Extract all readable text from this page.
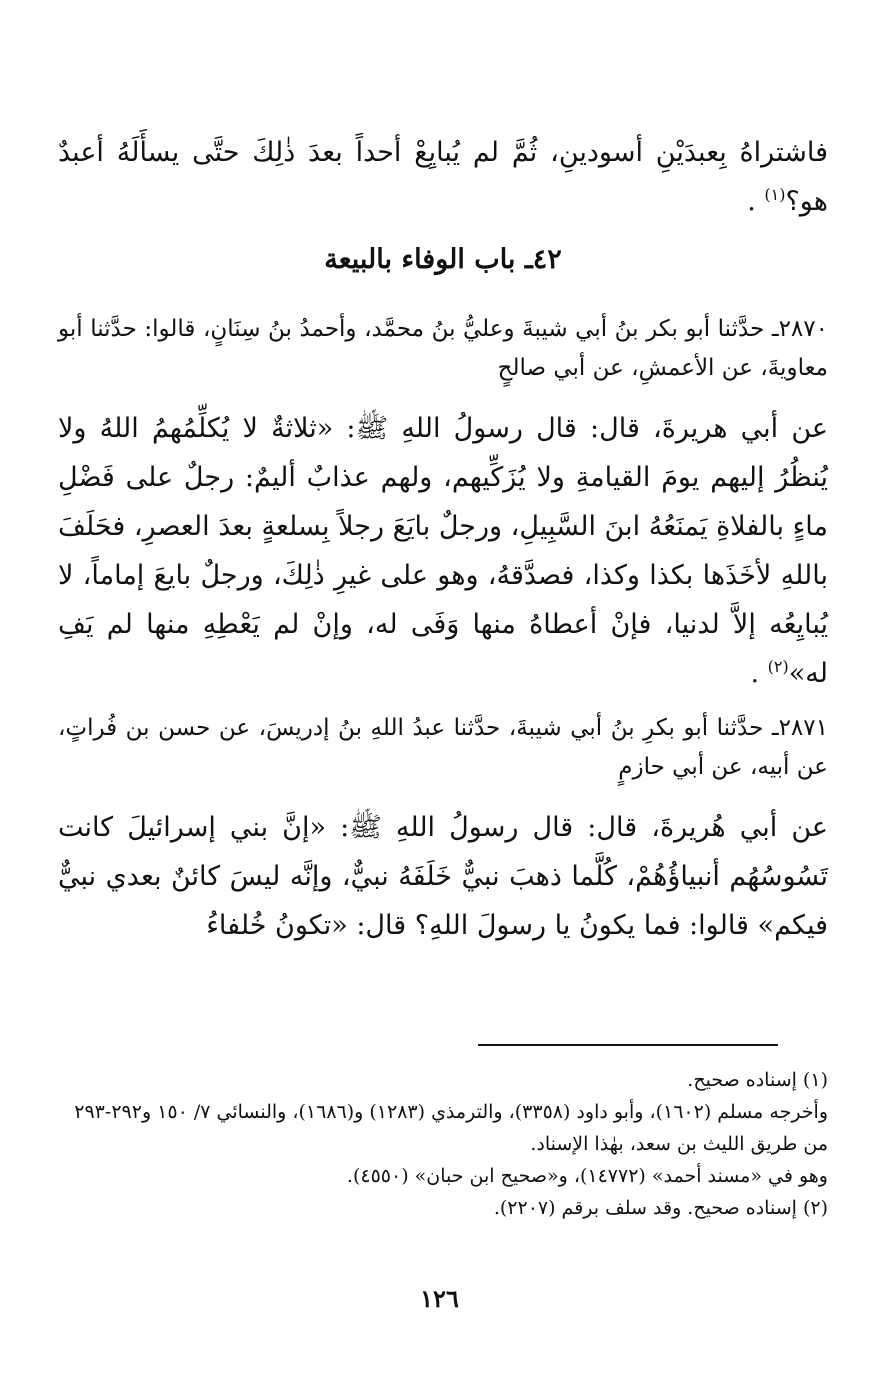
فاشتراهُ بِعبدَيْنِ أسودينِ، ثُمَّ لم يُبايِعْ أحداً بعدَ ذٰلِكَ حتَّى يسأَلَهُ أعبدٌ هو؟$^{(١)}$ .

٤٢ـ باب الوفاء بالبيعة

٢٨٧٠ـ حدَّثنا أبو بكر بنُ أبي شيبةَ وعليُّ بنُ محمَّد، وأحمدُ بنُ سِنَانٍ، قالوا: حدَّثنا أبو معاويةَ، عن الأعمشِ، عن أبي صالحٍ

عن أبي هريرةَ، قال: قال رسولُ اللهِ ﷺ: «ثلاثةٌ لا يُكلِّمُهمُ اللهُ ولا يُنظُرُ إليهم يومَ القيامةِ ولا يُزَكِّيهم، ولهم عذابٌ أليمٌ: رجلٌ على فَضْلِ ماءٍ بالفلاةِ يَمنَعُهُ ابنَ السَّبِيلِ، ورجلٌ بايَعَ رجلاً بِسلعةٍ بعدَ العصرِ، فحَلَفَ باللهِ لأخَذَها بكذا وكذا، فصدَّقهُ، وهو على غيرِ ذٰلِكَ، ورجلٌ بايعَ إماماً، لا يُبايِعُه إلاَّ لدنيا، فإنْ أعطاهُ منها وَفَى له، وإنْ لم يَعْطِهِ منها لم يَفِ له»$^{(٢)}$ .

٢٨٧١ـ حدَّثنا أبو بكرِ بنُ أبي شيبةَ، حدَّثنا عبدُ اللهِ بنُ إدريسَ، عن حسن بن فُراتٍ، عن أبيه، عن أبي حازمٍ

عن أبي هُريرةَ، قال: قال رسولُ اللهِ ﷺ: «إنَّ بني إسرائيلَ كانت تَسُوسُهُم أنبياؤُهُمْ، كُلَّما ذهبَ نبيٌّ خَلَفَهُ نبيٌّ، وإنَّه ليسَ كائنٌ بعدي نبيٌّ فيكم» قالوا: فما يكونُ يا رسولَ اللهِ؟ قال: «تكونُ خُلفاءُ

(١) إسناده صحيح.

وأخرجه مسلم (١٦٠٢)، وأبو داود (٣٣٥٨)، والترمذي (١٢٨٣) و(١٦٨٦)، والنسائي ٧/ ١٥٠ و٢٩٢-٢٩٣ من طريق الليث بن سعد، بهٰذا الإسناد.

وهو في «مسند أحمد» (١٤٧٧٢)، و«صحيح ابن حبان» (٤٥٥٠).

(٢) إسناده صحيح. وقد سلف برقم (٢٢٠٧).

١٢٦
